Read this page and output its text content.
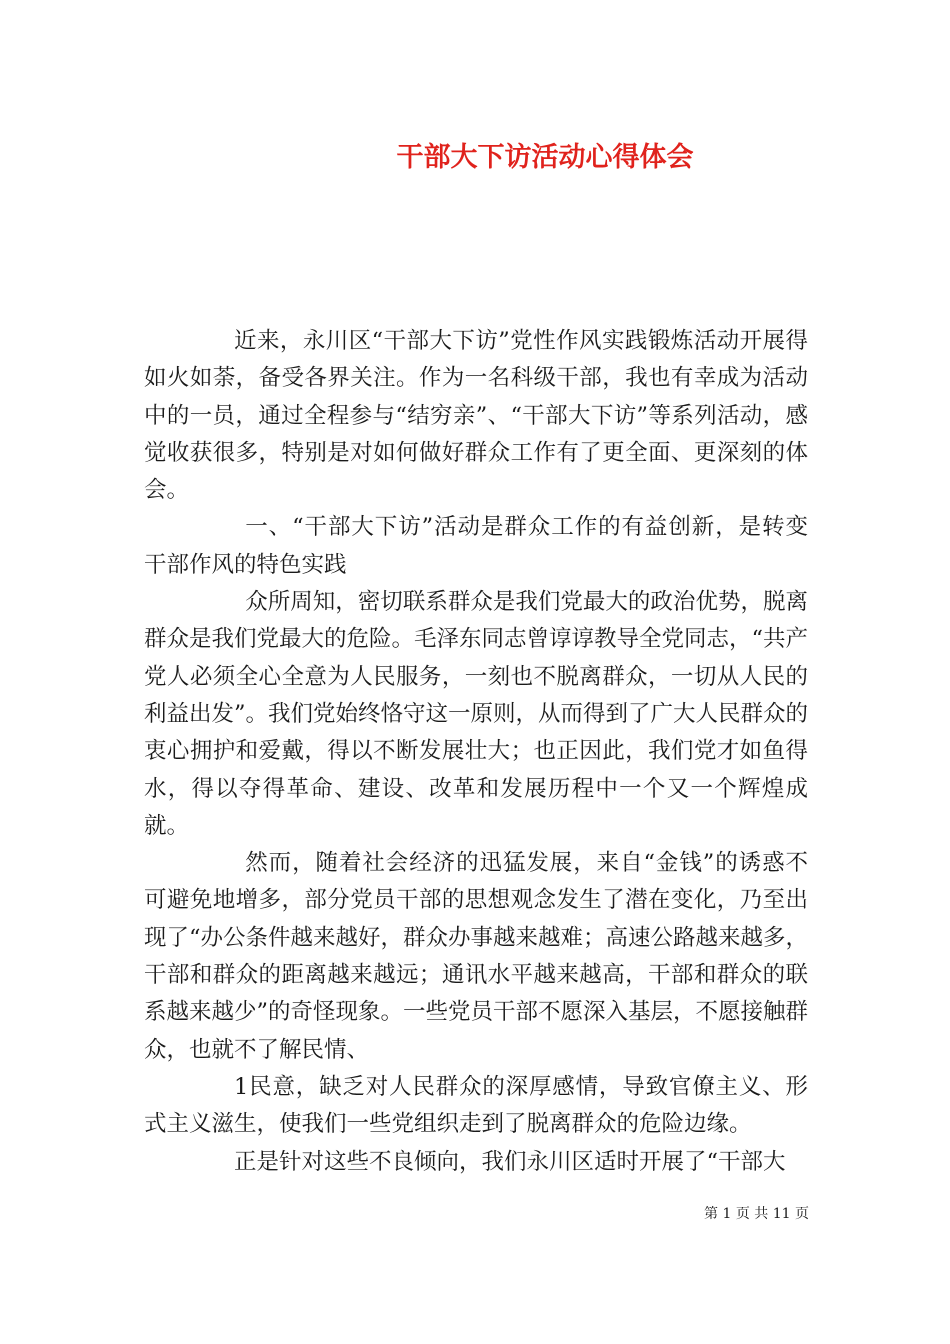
干部大下访活动心得体会

近来，永川区“干部大下访”党性作风实践锻炼活动开展得如火如荼，备受各界关注。作为一名科级干部，我也有幸成为活动中的一员，通过全程参与“结穷亲”、“干部大下访”等系列活动，感觉收获很多，特别是对如何做好群众工作有了更全面、更深刻的体会。

一、“干部大下访”活动是群众工作的有益创新，是转变干部作风的特色实践

众所周知，密切联系群众是我们党最大的政治优势，脱离群众是我们党最大的危险。毛泽东同志曾谆谆教导全党同志，“共产党人必须全心全意为人民服务，一刻也不脱离群众，一切从人民的利益出发”。我们党始终恪守这一原则，从而得到了广大人民群众的衷心拥护和爱戴，得以不断发展壮大；也正因此，我们党才如鱼得水，得以夺得革命、建设、改革和发展历程中一个又一个辉煌成就。

然而，随着社会经济的迅猛发展，来自“金钱”的诱惑不可避免地增多，部分党员干部的思想观念发生了潜在变化，乃至出现了“办公条件越来越好，群众办事越来越难；高速公路越来越多，干部和群众的距离越来越远；通讯水平越来越高，干部和群众的联系越来越少”的奇怪现象。一些党员干部不愿深入基层，不愿接触群众，也就不了解民情、

1民意，缺乏对人民群众的深厚感情，导致官僚主义、形式主义滋生，使我们一些党组织走到了脱离群众的危险边缘。

正是针对这些不良倾向，我们永川区适时开展了“干部大

第 1 页 共 11 页
